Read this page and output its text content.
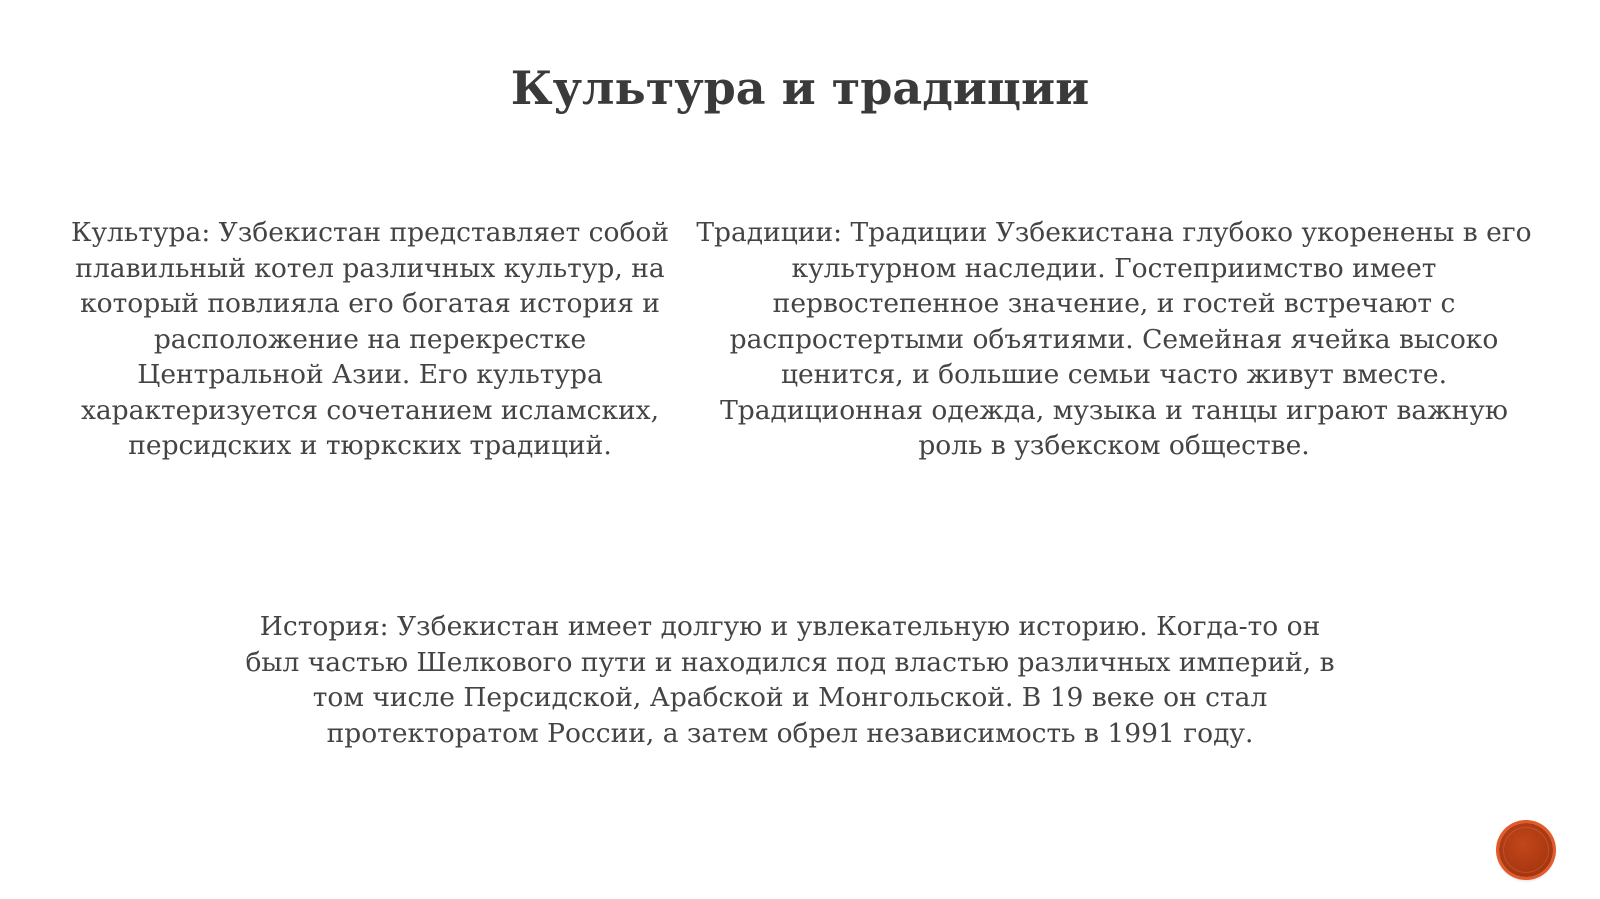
Культура и традиции

Культура: Узбекистан представляет собой плавильный котел различных культур, на который повлияла его богатая история и расположение на перекрестке Центральной Азии. Его культура характеризуется сочетанием исламских, персидских и тюркских традиций.

Традиции: Традиции Узбекистана глубоко укоренены в его культурном наследии. Гостеприимство имеет первостепенное значение, и гостей встречают с распростертыми объятиями. Семейная ячейка высоко ценится, и большие семьи часто живут вместе. Традиционная одежда, музыка и танцы играют важную роль в узбекском обществе.

История: Узбекистан имеет долгую и увлекательную историю. Когда-то он был частью Шелкового пути и находился под властью различных империй, в том числе Персидской, Арабской и Монгольской. В 19 веке он стал протекторатом России, а затем обрел независимость в 1991 году.
